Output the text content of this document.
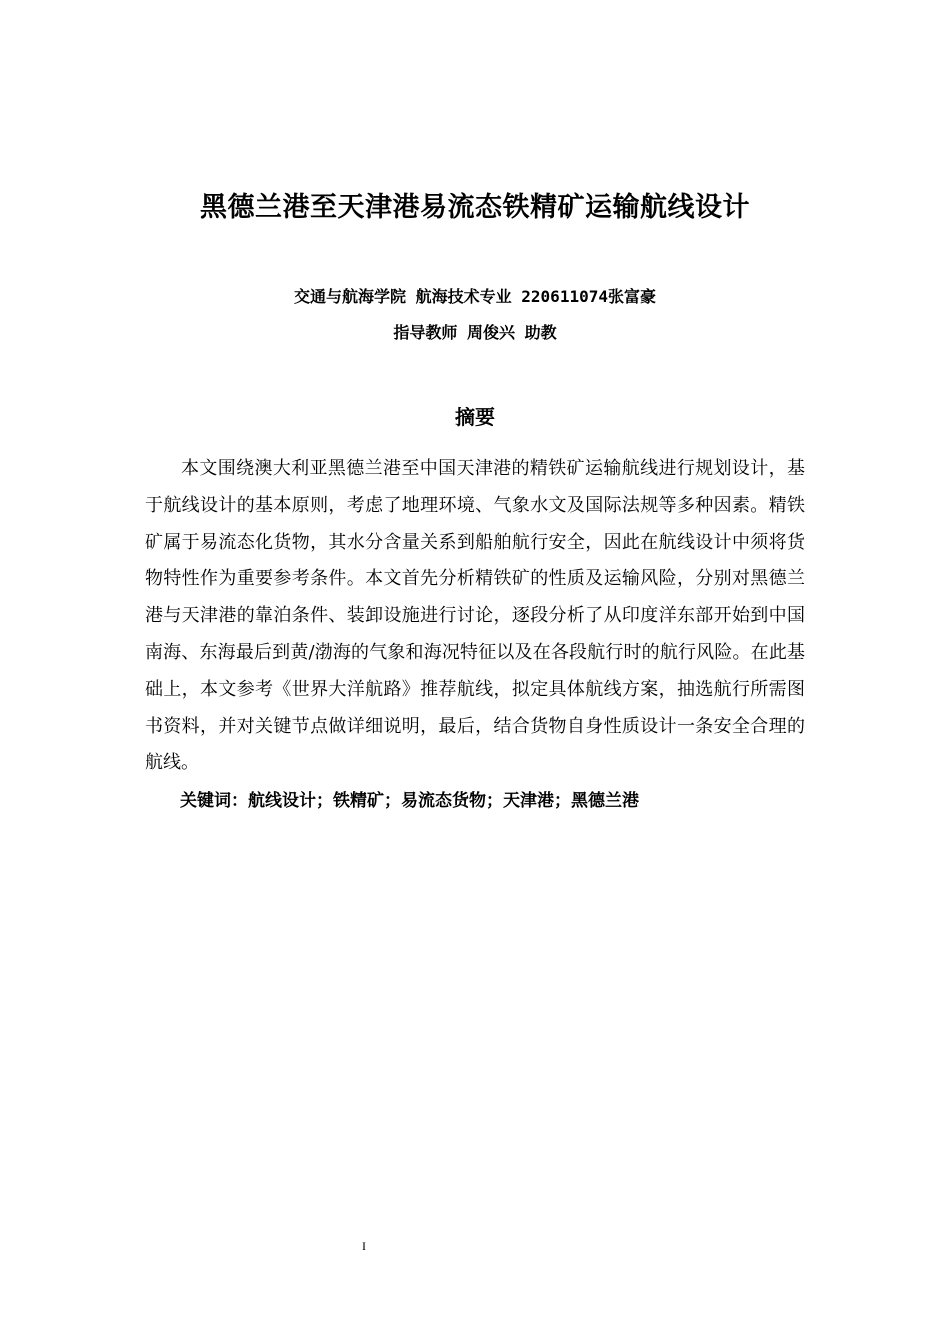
黑德兰港至天津港易流态铁精矿运输航线设计
交通与航海学院 航海技术专业 220611074张富豪
指导教师 周俊兴 助教
摘要

本文围绕澳大利亚黑德兰港至中国天津港的精铁矿运输航线进行规划设计，基于航线设计的基本原则，考虑了地理环境、气象水文及国际法规等多种因素。精铁矿属于易流态化货物，其水分含量关系到船舶航行安全，因此在航线设计中须将货物特性作为重要参考条件。本文首先分析精铁矿的性质及运输风险，分别对黑德兰港与天津港的靠泊条件、装卸设施进行讨论，逐段分析了从印度洋东部开始到中国南海、东海最后到黄/渤海的气象和海况特征以及在各段航行时的航行风险。在此基础上，本文参考《世界大洋航路》推荐航线，拟定具体航线方案，抽选航行所需图书资料，并对关键节点做详细说明，最后，结合货物自身性质设计一条安全合理的航线。

关键词：航线设计；铁精矿；易流态货物；天津港；黑德兰港
I
